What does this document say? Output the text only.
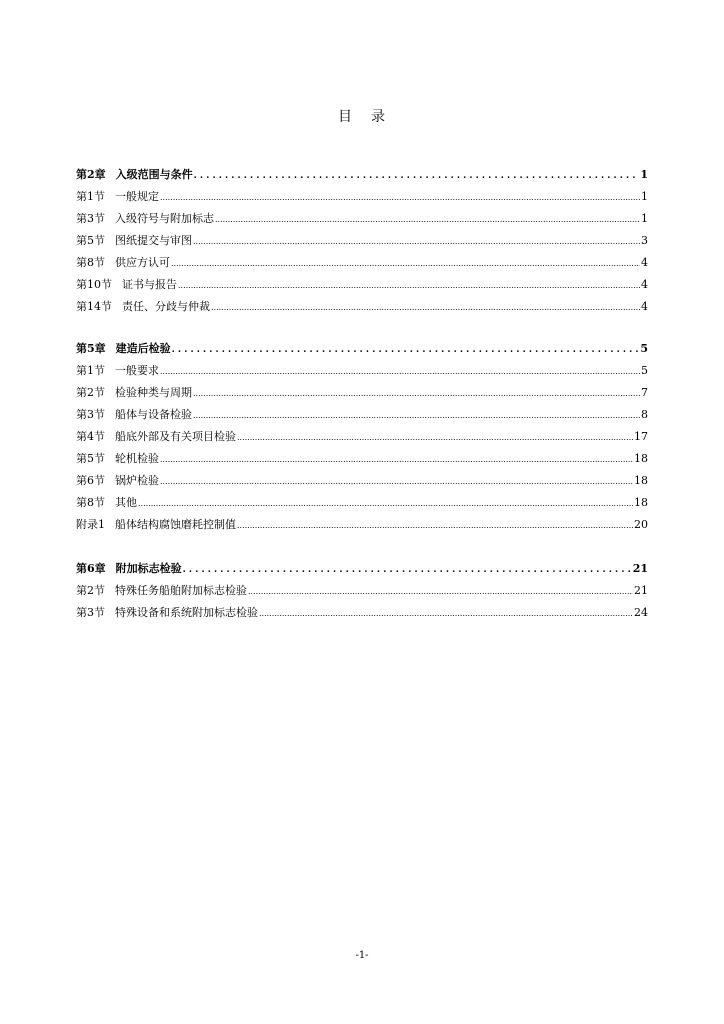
目 录
第2章 入级范围与条件 . . .	1
第1节 一般规定 .....	1
第3节 入级符号与附加标志 .....	1
第5节 图纸提交与审图 .....	3
第8节 供应方认可 .....	4
第10节 证书与报告 .....	4
第14节 责任、分歧与仲裁 .....	4
第5章 建造后检验 . . .	5
第1节 一般要求 .....	5
第2节 检验种类与周期 .....	7
第3节 船体与设备检验 .....	8
第4节 船底外部及有关项目检验 .....	17
第5节 轮机检验 .....	18
第6节 锅炉检验 .....	18
第8节 其他 .....	18
附录1 船体结构腐蚀磨耗控制值 .....	20
第6章 附加标志检验 . . .	21
第2节 特殊任务船舶附加标志检验 .....	21
第3节 特殊设备和系统附加标志检验 .....	24
-1-
